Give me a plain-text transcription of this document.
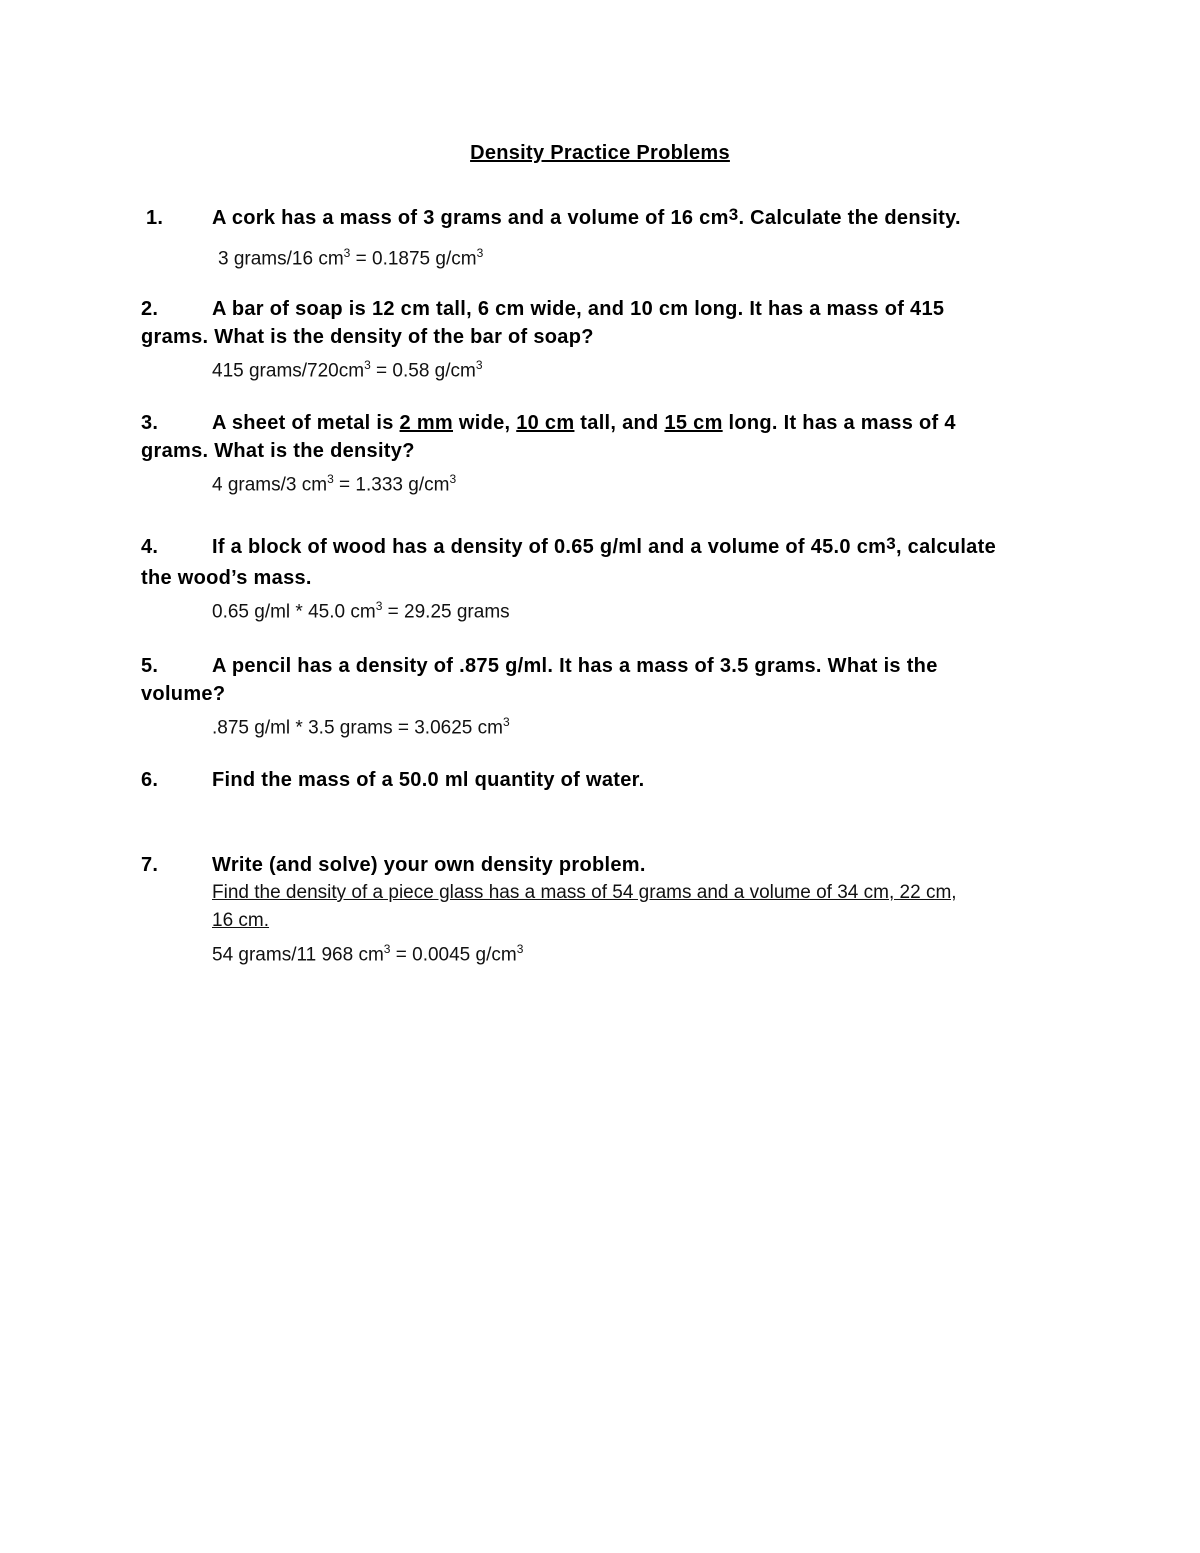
Density Practice Problems
1. A cork has a mass of 3 grams and a volume of 16 $cm^3$. Calculate the density.
3 grams/16 $cm^3 = 0.1875$ $g/cm^3$
2.	A bar of soap is 12 cm tall, 6 cm wide, and 10 cm long. It has a mass of 415
grams. What is the density of the bar of soap?
415 grams/$720cm^3 = 0.58$ $g/cm^3$
3.	A sheet of metal is 2 mm wide, 10 cm tall, and 15 cm long. It has a mass of 4
grams. What is the density?
4 grams/3 $cm^3 = 1.333$ $g/cm^3$
4.	If a block of wood has a density of 0.65 g/ml and a volume of 45.0 $cm^3$, calculate
the wood’s mass.
0.65 g/ml * 45.0 $cm^3 = 29.25$ grams
5.	A pencil has a density of .875 g/ml. It has a mass of 3.5 grams. What is the
volume?
.875 g/ml * 3.5 grams = 3.0625 $cm^3$
6.	Find the mass of a 50.0 ml quantity of water.
7.	Write (and solve) your own density problem.
Find the density of a piece glass has a mass of 54 grams and a volume of 34 cm, 22 cm,
16 cm.
54 grams/11 968 $cm^3 = 0.0045$ $g/cm^3$
